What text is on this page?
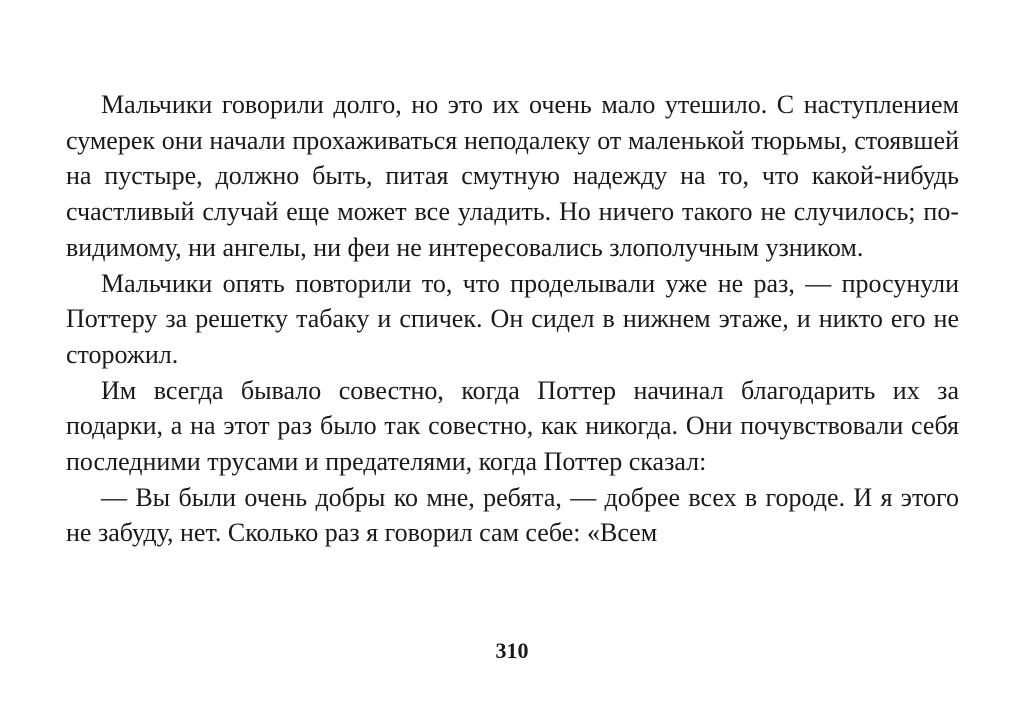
Мальчики говорили долго, но это их очень мало утешило. С наступлением сумерек они начали прохаживаться неподалеку от маленькой тюрьмы, стоявшей на пустыре, должно быть, питая смутную надежду на то, что какой-нибудь счастливый случай еще может все уладить. Но ничего такого не случилось; по-видимому, ни ангелы, ни феи не интересовались злополучным узником.

Мальчики опять повторили то, что проделывали уже не раз, — просунули Поттеру за решетку табаку и спичек. Он сидел в нижнем этаже, и никто его не сторожил.

Им всегда бывало совестно, когда Поттер начинал благодарить их за подарки, а на этот раз было так совестно, как никогда. Они почувствовали себя последними трусами и предателями, когда Поттер сказал:

— Вы были очень добры ко мне, ребята, — добрее всех в городе. И я этого не забуду, нет. Сколько раз я говорил сам себе: «Всем

310
